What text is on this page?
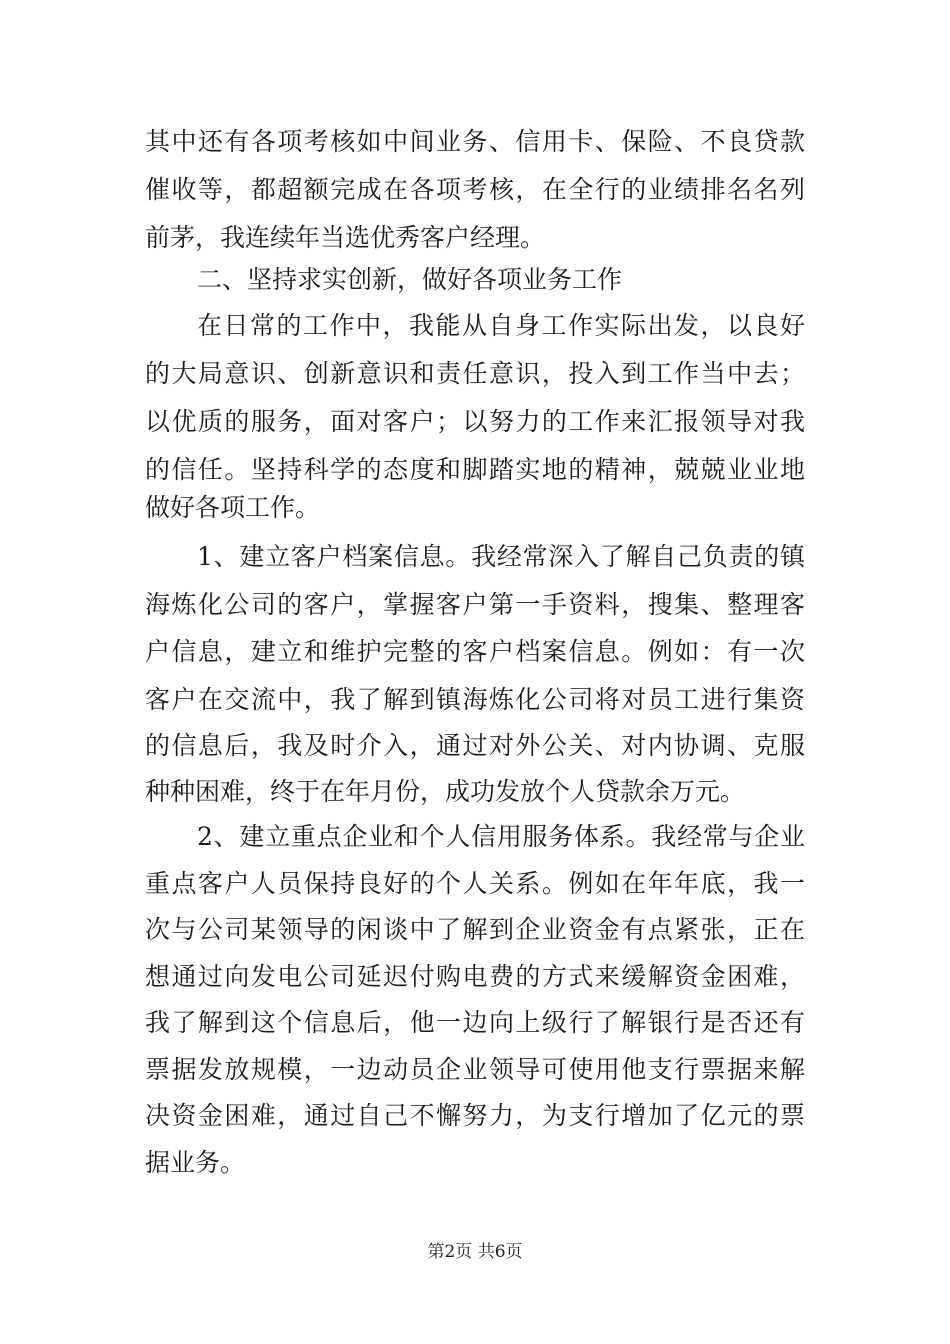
其中还有各项考核如中间业务、信用卡、保险、不良贷款
催收等，都超额完成在各项考核，在全行的业绩排名名列
前茅，我连续年当选优秀客户经理。
二、坚持求实创新，做好各项业务工作
在日常的工作中，我能从自身工作实际出发，以良好
的大局意识、创新意识和责任意识，投入到工作当中去；
以优质的服务，面对客户；以努力的工作来汇报领导对我
的信任。坚持科学的态度和脚踏实地的精神，兢兢业业地
做好各项工作。
1、建立客户档案信息。我经常深入了解自己负责的镇
海炼化公司的客户，掌握客户第一手资料，搜集、整理客
户信息，建立和维护完整的客户档案信息。例如：有一次
客户在交流中，我了解到镇海炼化公司将对员工进行集资
的信息后，我及时介入，通过对外公关、对内协调、克服
种种困难，终于在年月份，成功发放个人贷款余万元。
2、建立重点企业和个人信用服务体系。我经常与企业
重点客户人员保持良好的个人关系。例如在年年底，我一
次与公司某领导的闲谈中了解到企业资金有点紧张，正在
想通过向发电公司延迟付购电费的方式来缓解资金困难，
我了解到这个信息后，他一边向上级行了解银行是否还有
票据发放规模，一边动员企业领导可使用他支行票据来解
决资金困难，通过自己不懈努力，为支行增加了亿元的票
据业务。
第2页 共6页
